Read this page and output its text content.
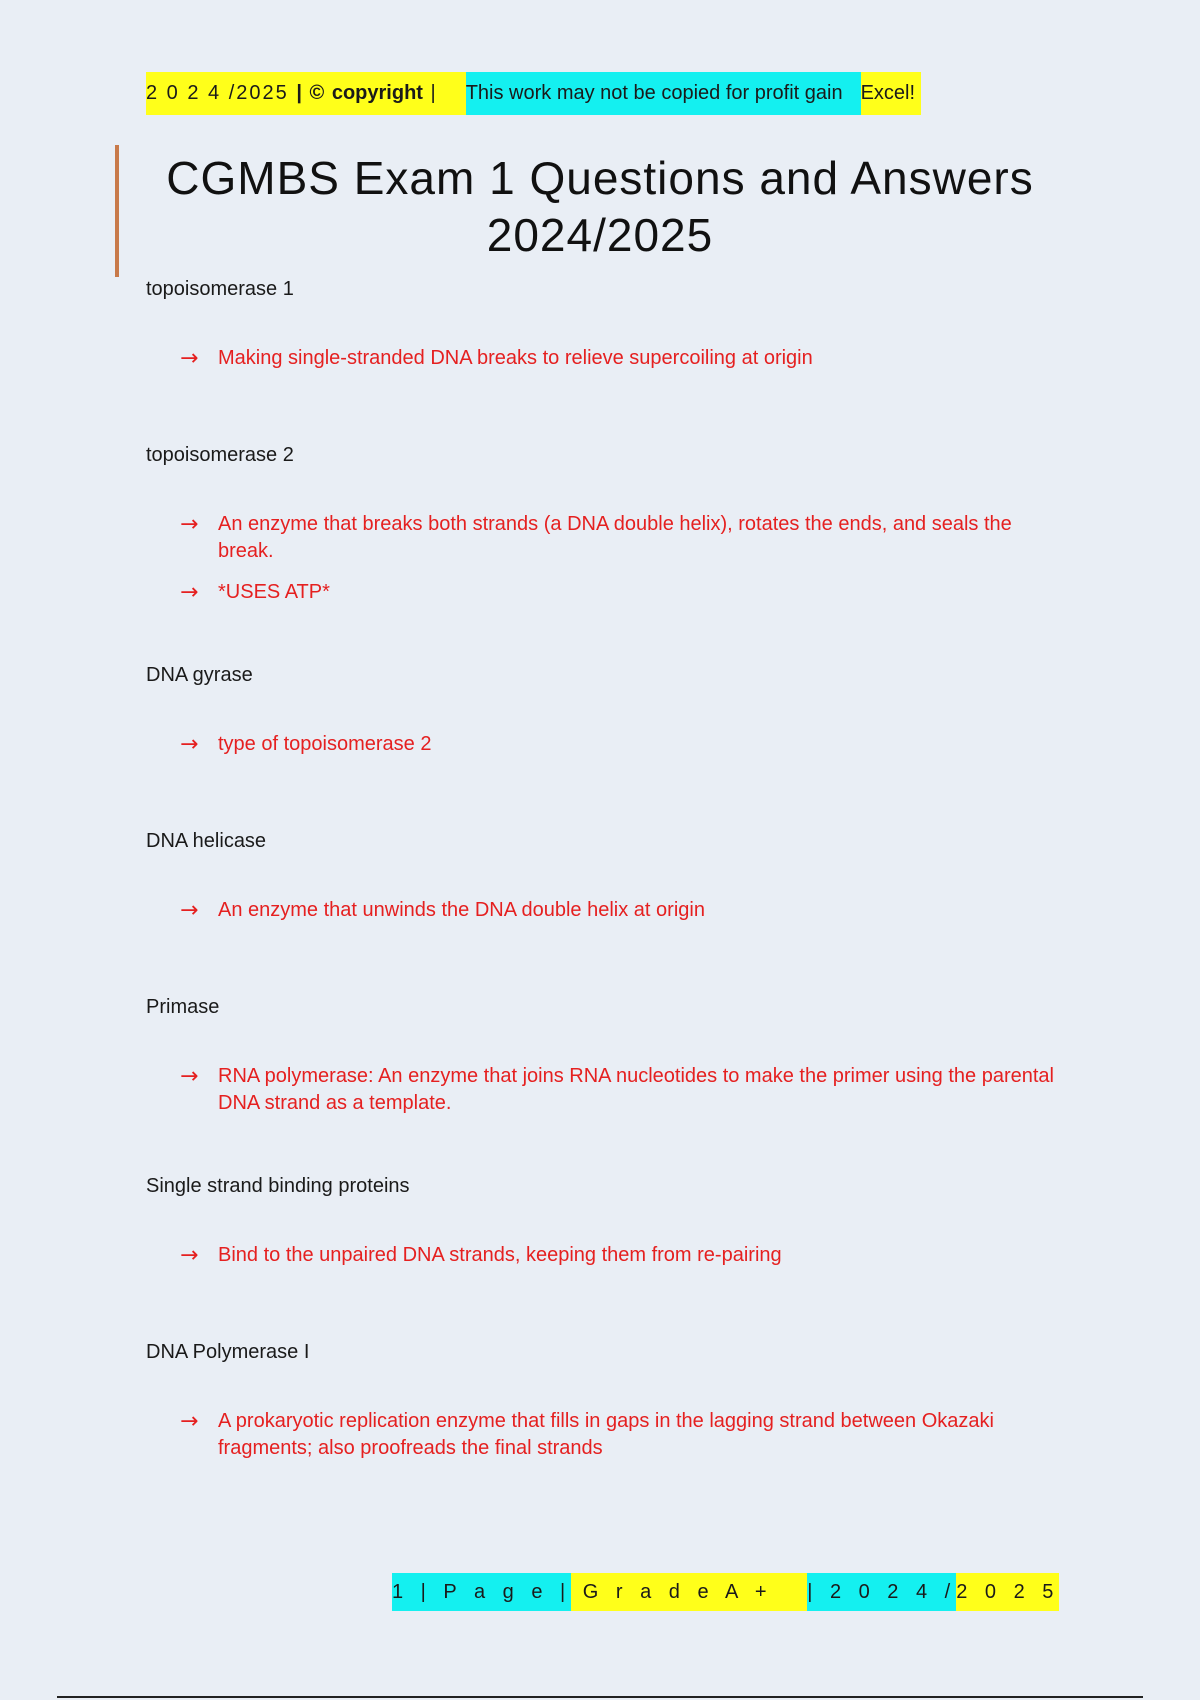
2 0 2 4 /2025
|
©
copyright
| This work may not be copied for profit gain Excel!
CGMBS Exam 1 Questions and Answers
2024/2025

topoisomerase 1

→ Making single-stranded DNA breaks to relieve supercoiling at origin

topoisomerase 2

→ An enzyme that breaks both strands (a DNA double helix), rotates the ends, and seals the break.
→ *USES ATP*

DNA gyrase

→ type of topoisomerase 2

DNA helicase

→ An enzyme that unwinds the DNA double helix at origin

Primase

→ RNA polymerase: An enzyme that joins RNA nucleotides to make the primer using the parental DNA strand as a template.

Single strand binding proteins

→ Bind to the unpaired DNA strands, keeping them from re-pairing

DNA Polymerase I

→ A prokaryotic replication enzyme that fills in gaps in the lagging strand between Okazaki fragments; also proofreads the final strands
1 | P a g e |
G r a d e A +
| 2 0 2 4 / 2 0 2 5
